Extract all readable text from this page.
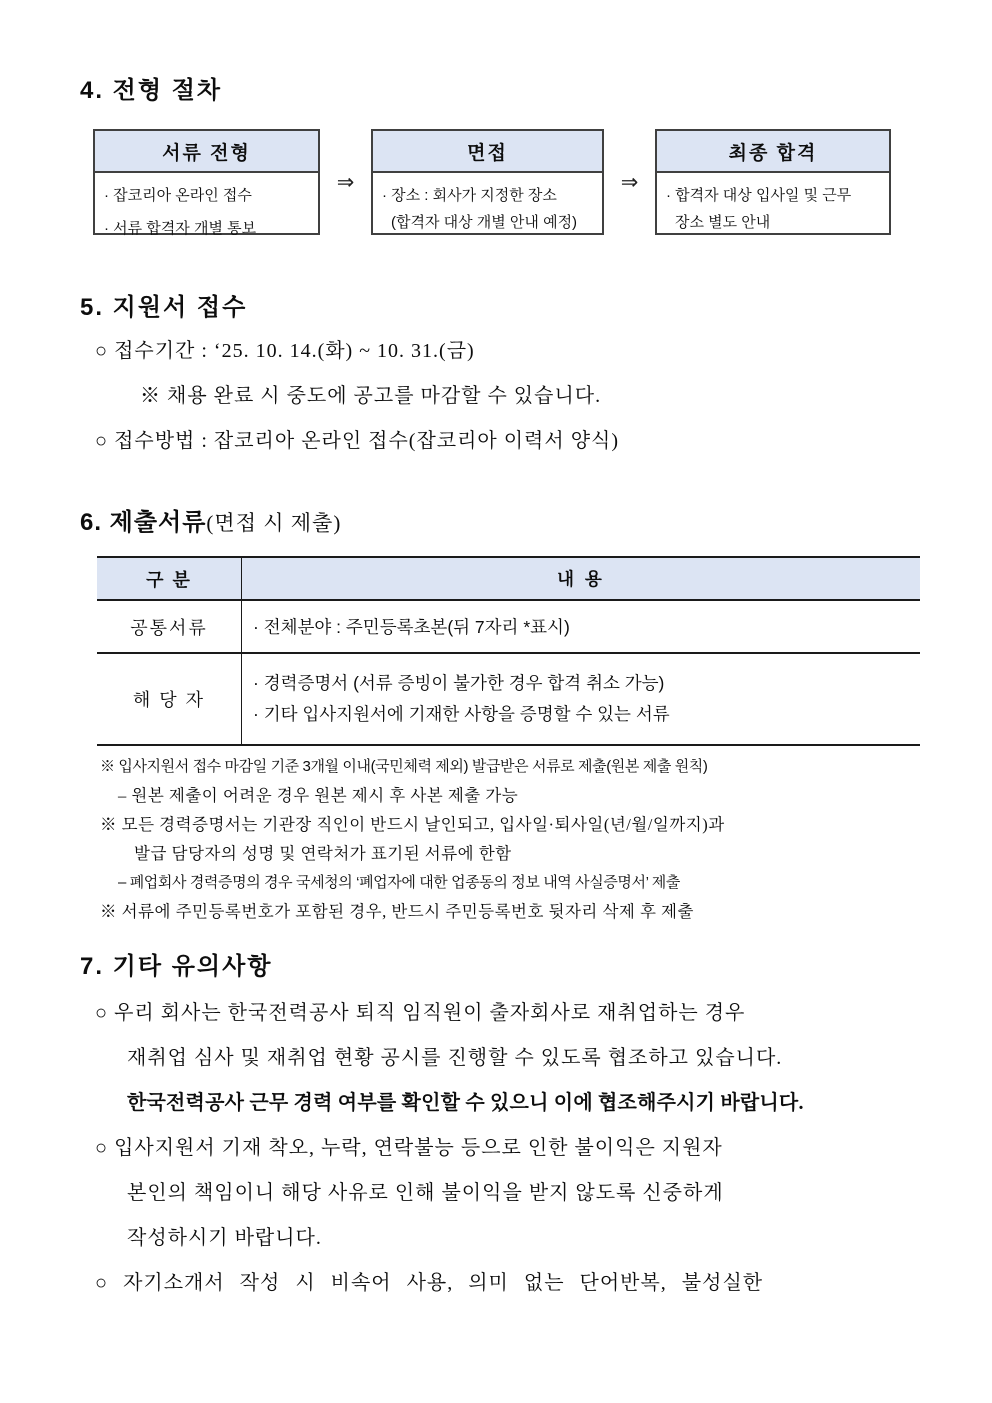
4. 전형 절차
서류 전형
· 잡코리아 온라인 접수
· 서류 합격자 개별 통보
⇒
면접
· 장소 : 회사가 지정한 장소
(합격자 대상 개별 안내 예정)
⇒
최종 합격
· 합격자 대상 입사일 및 근무
장소 별도 안내
5. 지원서 접수
○ 접수기간 : ‘25. 10. 14.(화) ~ 10. 31.(금)
※ 채용 완료 시 중도에 공고를 마감할 수 있습니다.
○ 접수방법 : 잡코리아 온라인 접수(잡코리아 이력서 양식)
6. 제출서류(면접 시 제출)
구 분	내 용
공통서류	· 전체분야 : 주민등록초본(뒤 7자리 *표시)
해 당 자
· 경력증명서 (서류 증빙이 불가한 경우 합격 취소 가능)
· 기타 입사지원서에 기재한 사항을 증명할 수 있는 서류
※ 입사지원서 접수 마감일 기준 3개월 이내(국민체력 제외) 발급받은 서류로 제출(원본 제출 원칙)
– 원본 제출이 어려운 경우 원본 제시 후 사본 제출 가능
※ 모든 경력증명서는 기관장 직인이 반드시 날인되고, 입사일·퇴사일(년/월/일까지)과
발급 담당자의 성명 및 연락처가 표기된 서류에 한함
– 폐업회사 경력증명의 경우 국세청의 ‘폐업자에 대한 업종동의 정보 내역 사실증명서’ 제출
※ 서류에 주민등록번호가 포함된 경우, 반드시 주민등록번호 뒷자리 삭제 후 제출
7. 기타 유의사항
○ 우리 회사는 한국전력공사 퇴직 임직원이 출자회사로 재취업하는 경우
재취업 심사 및 재취업 현황 공시를 진행할 수 있도록 협조하고 있습니다.
한국전력공사 근무 경력 여부를 확인할 수 있으니 이에 협조해주시기 바랍니다.
○ 입사지원서 기재 착오, 누락, 연락불능 등으로 인한 불이익은 지원자
본인의 책임이니 해당 사유로 인해 불이익을 받지 않도록 신중하게
작성하시기 바랍니다.
○ 자기소개서 작성 시 비속어 사용, 의미 없는 단어반복, 불성실한
